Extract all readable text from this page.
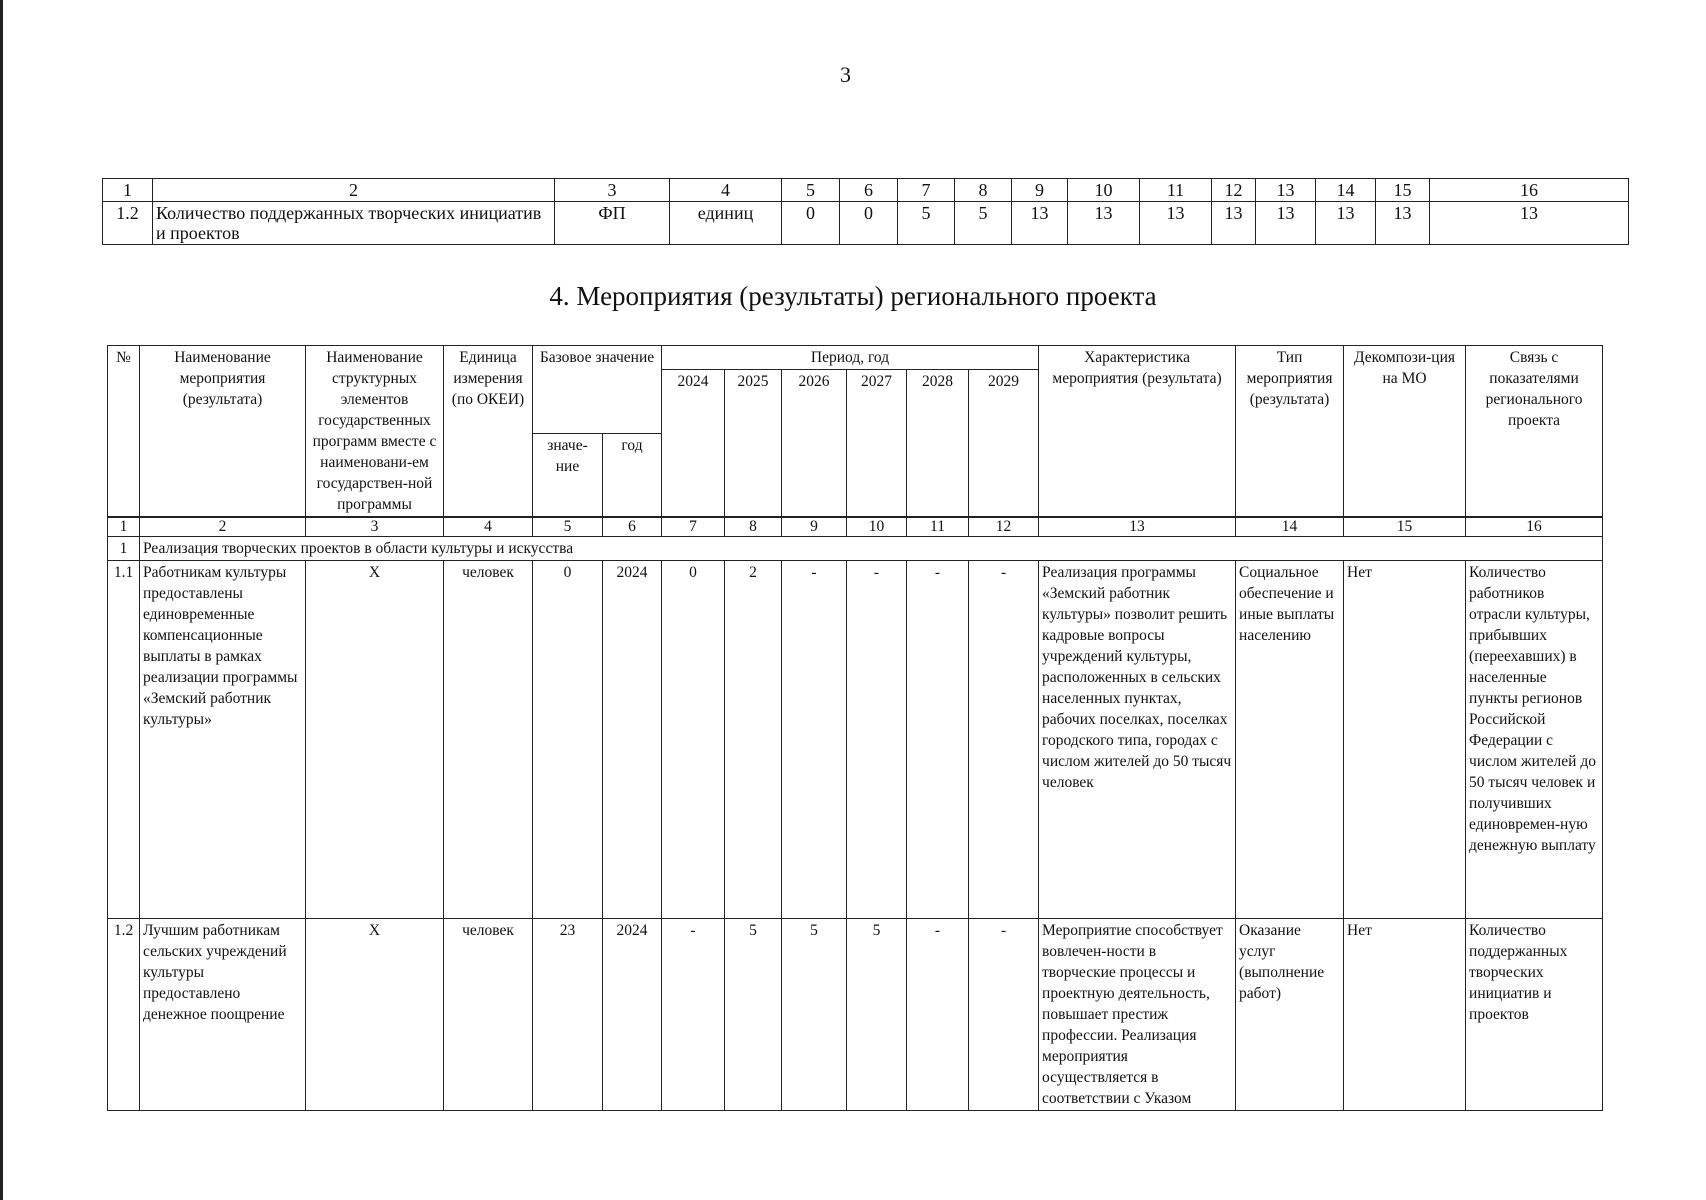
3
1	2	3	4	5	6	7	8	9	10	11	12	13	14	15	16
1.2	Количество поддержанных творческих инициатив и проектов	ФП	единиц	0	0	5	5	13	13	13	13	13	13	13	13
4. Мероприятия (результаты) регионального проекта
№	Наименование мероприятия (результата)	Наименование структурных элементов государственных программ вместе с наименовани-ем государствен-ной программы	Единица измерения (по ОКЕИ)	Базовое значение		Период, год						Характеристика мероприятия (результата)	Тип мероприятия (результата)	Декомпози-ция на МО	Связь с показателями регионального проекта
						2024	2025	2026	2027	2028	2029				
				значе-ние	год										
1	2	3	4	5	6	7	8	9	10	11	12	13	14	15	16
1	Реализация творческих проектов в области культуры и искусства														
1.1	Работникам культуры предоставлены единовременные компенсационные выплаты в рамках реализации программы «Земский работник культуры»	Х	человек	0	2024	0	2	-	-	-	-	Реализация программы «Земский работник культуры» позволит решить кадровые вопросы учреждений культуры, расположенных в сельских населенных пунктах, рабочих поселках, поселках городского типа, городах с числом жителей до 50 тысяч человек	Социальное обеспечение и иные выплаты населению	Нет	Количество работников отрасли культуры, прибывших (переехавших) в населенные пункты регионов Российской Федерации с числом жителей до 50 тысяч человек и получивших единовремен-ную денежную выплату
1.2	Лучшим работникам сельских учреждений культуры предоставлено денежное поощрение	Х	человек	23	2024	-	5	5	5	-	-	Мероприятие способствует вовлечен-ности в творческие процессы и проектную деятельность, повышает престиж профессии. Реализация мероприятия осуществляется в соответствии с Указом	Оказание услуг (выполнение работ)	Нет	Количество поддержанных творческих инициатив и проектов
